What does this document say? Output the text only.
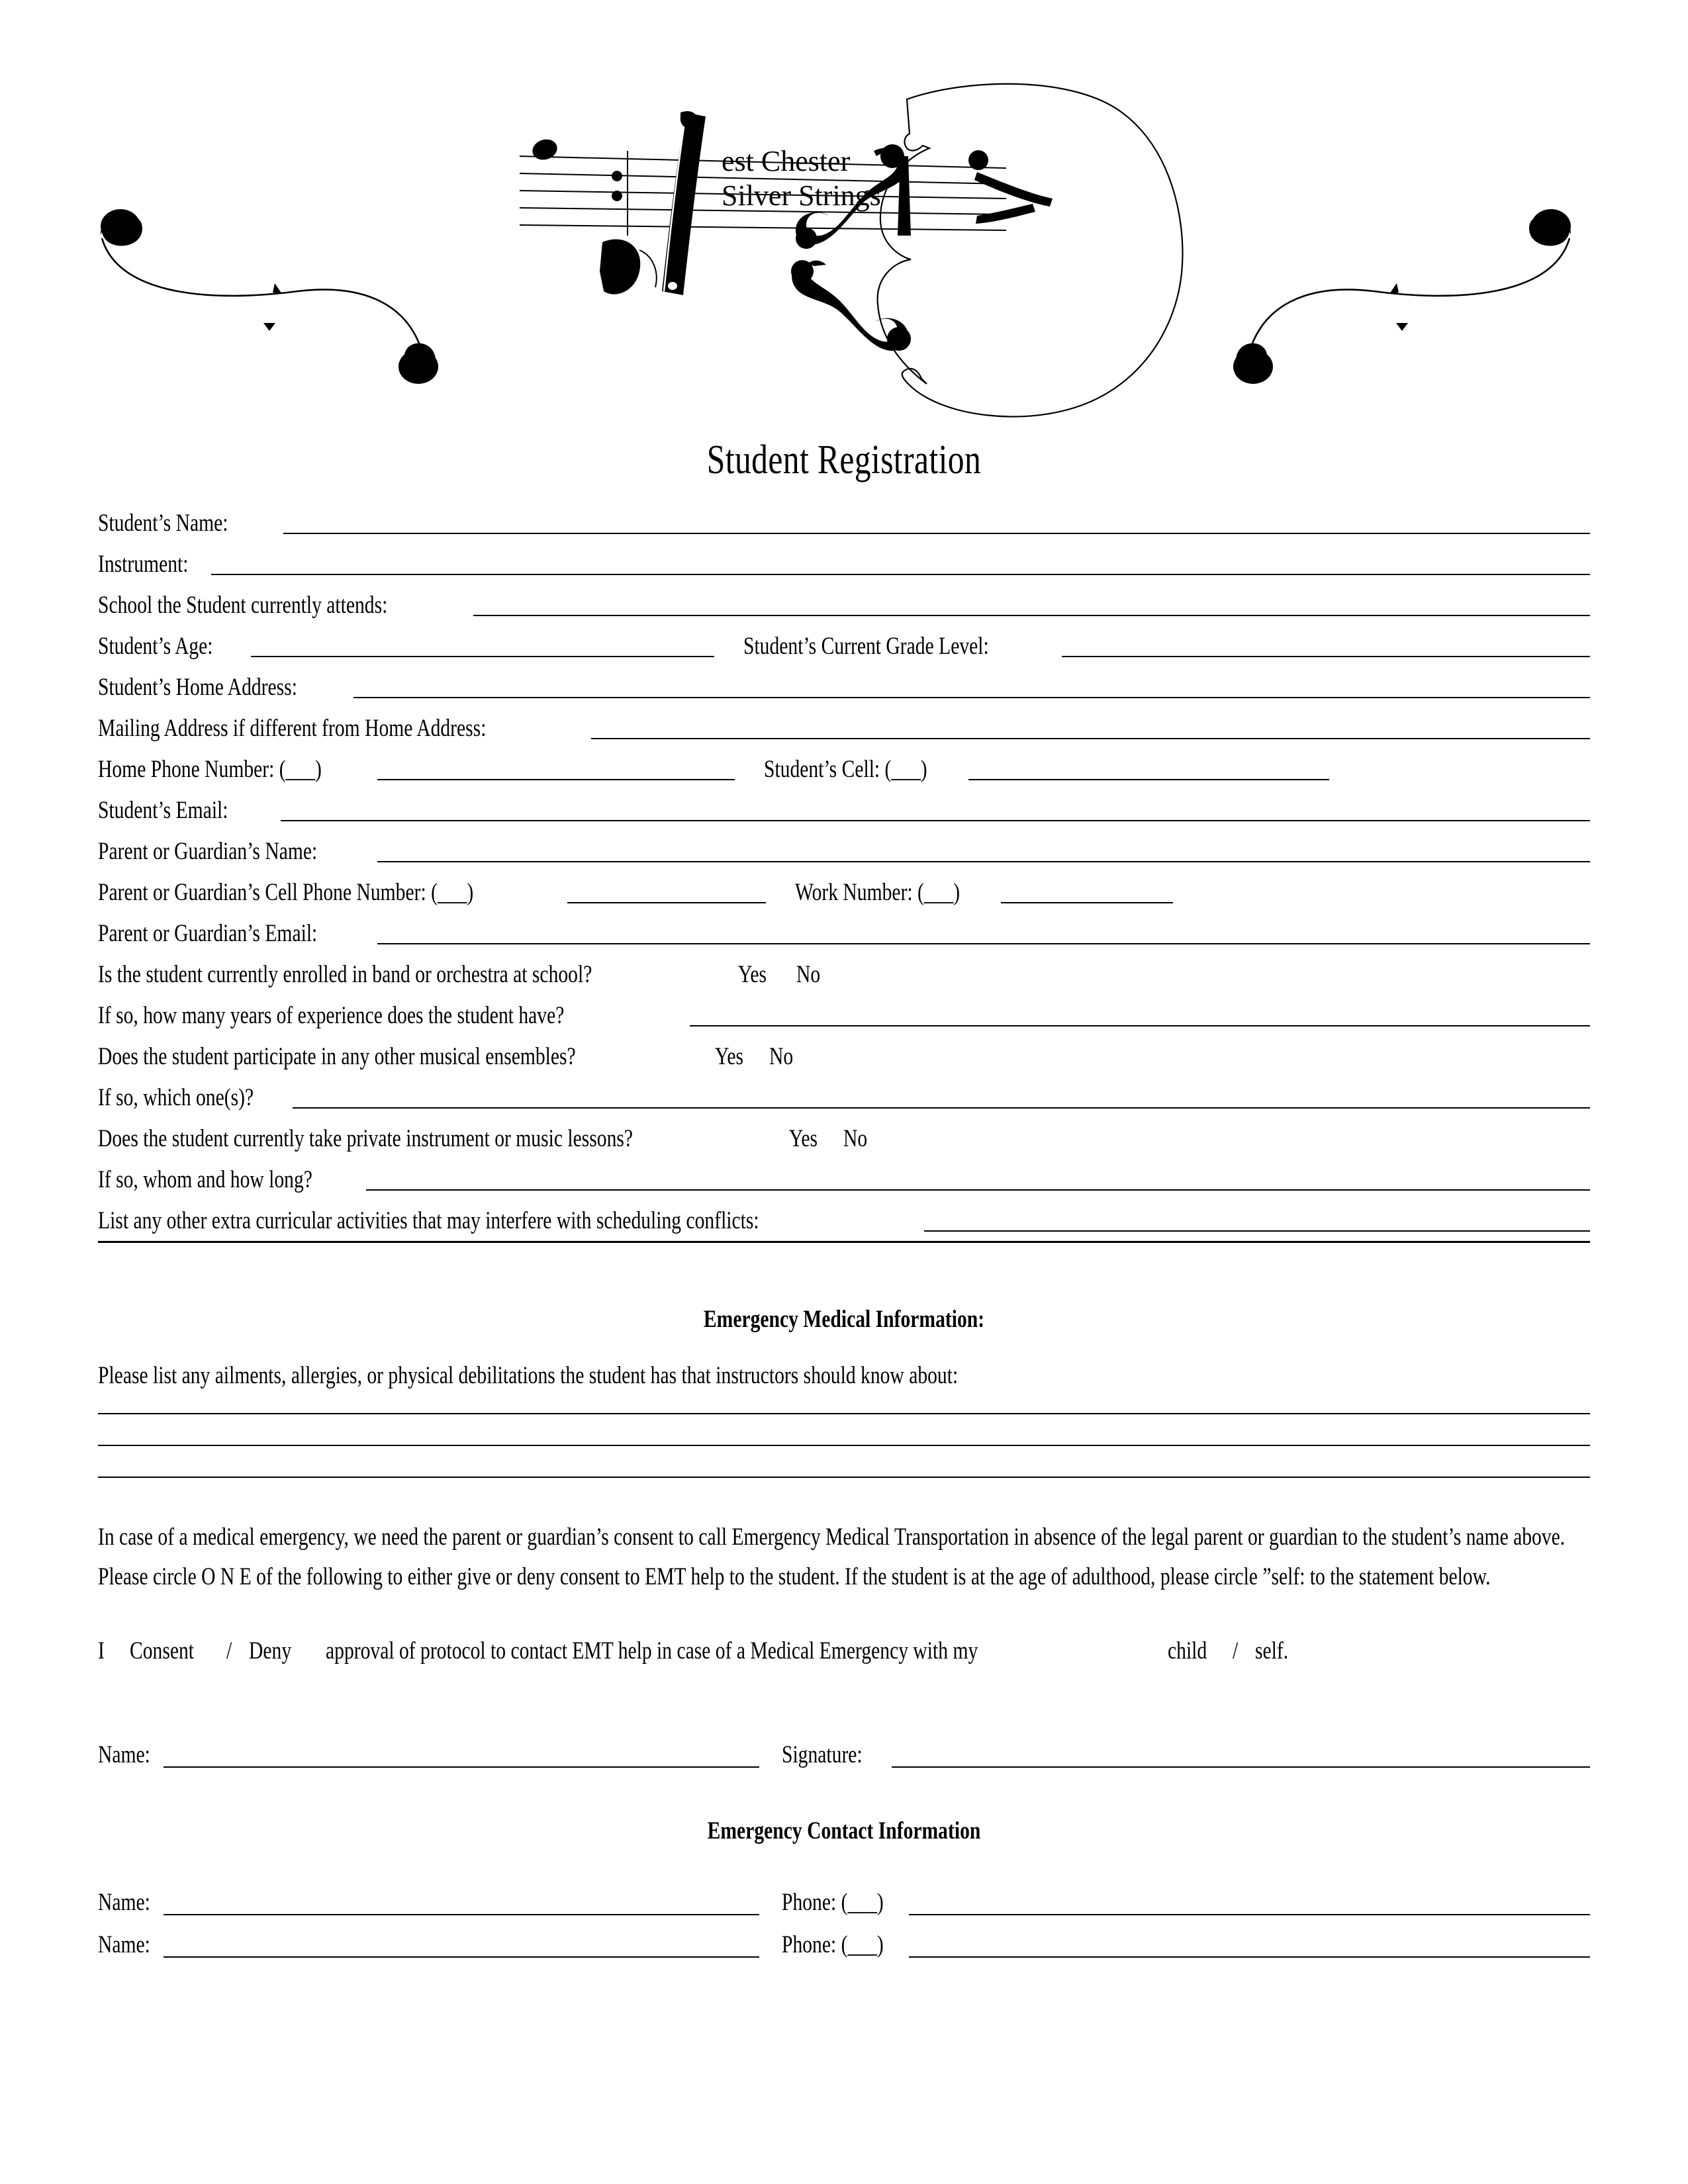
est Chester
Silver Strings
Student Registration
Student’s Name:
Instrument:
School the Student currently attends:
Student’s Age:	Student’s Current Grade Level:
Student’s Home Address:
Mailing Address if different from Home Address:
Home Phone Number: (___)	Student’s Cell: (___)
Student’s Email:
Parent or Guardian’s Name:
Parent or Guardian’s Cell Phone Number: (___)	Work Number: (___)
Parent or Guardian’s Email:
Is the student currently enrolled in band or orchestra at school?	Yes No
If so, how many years of experience does the student have?
Does the student participate in any other musical ensembles?	Yes No
If so, which one(s)?
Does the student currently take private instrument or music lessons?	Yes No
If so, whom and how long?
List any other extra curricular activities that may interfere with scheduling conflicts:
Emergency Medical Information:
Please list any ailments, allergies, or physical debilitations the student has that instructors should know about:
In case of a medical emergency, we need the parent or guardian’s consent to call Emergency Medical Transportation in absence of the legal parent or guardian to the student’s name above. Please circle O N E of the following to either give or deny consent to EMT help to the student. If the student is at the age of adulthood, please circle ”self: to the statement below.
I Consent / Deny approval of protocol to contact EMT help in case of a Medical Emergency with my	child / self.
Name:	Signature:
Emergency Contact Information
Name:	Phone: (___)
Name:	Phone: (___)
